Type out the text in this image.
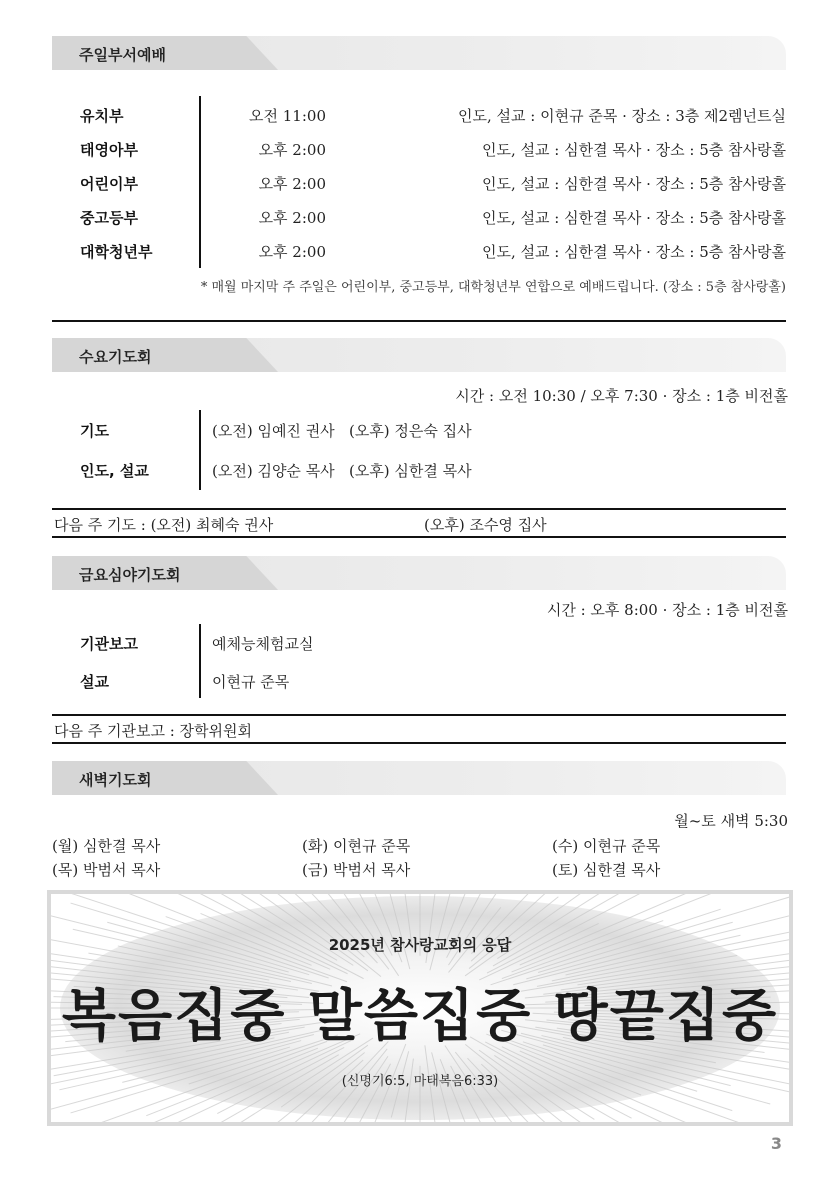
주일부서예배
유치부	오전 11:00	인도, 설교 : 이현규 준목 · 장소 : 3층 제2렘넌트실
태영아부	오후 2:00	인도, 설교 : 심한결 목사 · 장소 : 5층 참사랑홀
어린이부	오후 2:00	인도, 설교 : 심한결 목사 · 장소 : 5층 참사랑홀
중고등부	오후 2:00	인도, 설교 : 심한결 목사 · 장소 : 5층 참사랑홀
대학청년부	오후 2:00	인도, 설교 : 심한결 목사 · 장소 : 5층 참사랑홀
* 매월 마지막 주 주일은 어린이부, 중고등부, 대학청년부 연합으로 예배드립니다. (장소 : 5층 참사랑홀)
수요기도회
시간 : 오전 10:30 / 오후 7:30 · 장소 : 1층 비전홀
기도	(오전) 임예진 권사   (오후) 정은숙 집사
인도, 설교	(오전) 김양순 목사   (오후) 심한결 목사
다음 주 기도 : (오전) 최혜숙 권사	(오후) 조수영 집사
금요심야기도회
시간 : 오후 8:00 · 장소 : 1층 비전홀
기관보고	예체능체험교실
설교	이현규 준목
다음 주 기관보고 : 장학위원회
새벽기도회
월~토 새벽 5:30
(월) 심한결 목사	(화) 이현규 준목	(수) 이현규 준목
(목) 박범서 목사	(금) 박범서 목사	(토) 심한결 목사
2025년 참사랑교회의 응답
복음집중 말씀집중 땅끝집중
(신명기6:5, 마태복음6:33)
3
